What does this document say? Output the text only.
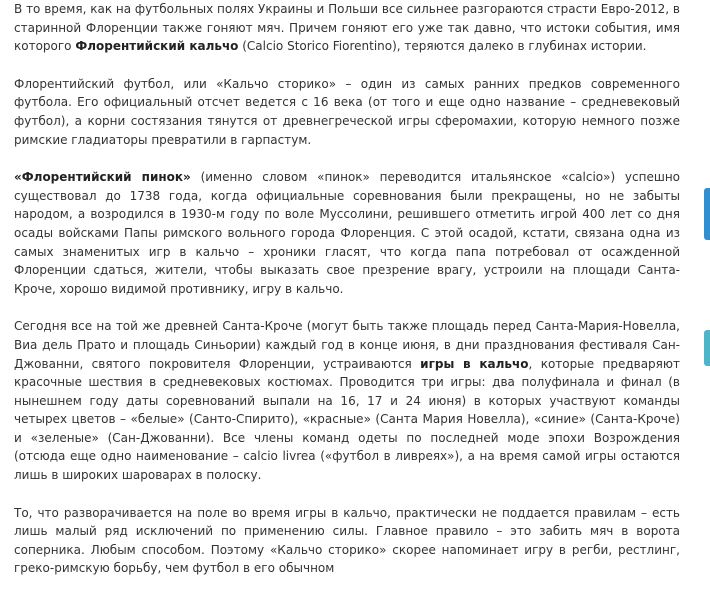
В то время, как на футбольных полях Украины и Польши все сильнее разгораются страсти Евро-2012, в старинной Флоренции также гоняют мяч. Причем гоняют его уже так давно, что истоки события, имя которого Флорентийский кальчо (Calcio Storico Fiorentino), теряются далеко в глубинах истории.

Флорентийский футбол, или «Кальчо сторико» – один из самых ранних предков современного футбола. Его официальный отсчет ведется с 16 века (от того и еще одно название – средневековый футбол), а корни состязания тянутся от древнегреческой игры сферомахии, которую немного позже римские гладиаторы превратили в гарпастум.

«Флорентийский пинок» (именно словом «пинок» переводится итальянское «calcio») успешно существовал до 1738 года, когда официальные соревнования были прекращены, но не забыты народом, а возродился в 1930-м году по воле Муссолини, решившего отметить игрой 400 лет со дня осады войсками Папы римского вольного города Флоренция. С этой осадой, кстати, связана одна из самых знаменитых игр в кальчо – хроники гласят, что когда папа потребовал от осажденной Флоренции сдаться, жители, чтобы выказать свое презрение врагу, устроили на площади Санта-Кроче, хорошо видимой противнику, игру в кальчо.

Сегодня все на той же древней Санта-Кроче (могут быть также площадь перед Санта-Мария-Новелла, Виа дель Прато и площадь Синьории) каждый год в конце июня, в дни празднования фестиваля Сан-Джованни, святого покровителя Флоренции, устраиваются игры в кальчо, которые предваряют красочные шествия в средневековых костюмах. Проводится три игры: два полуфинала и финал (в нынешнем году даты соревнований выпали на 16, 17 и 24 июня) в которых участвуют команды четырех цветов – «белые» (Санто-Спирито), «красные» (Санта Мария Новелла), «синие» (Санта-Кроче) и «зеленые» (Сан-Джованни). Все члены команд одеты по последней моде эпохи Возрождения (отсюда еще одно наименование – calcio livrea («футбол в ливреях»), а на время самой игры остаются лишь в широких шароварах в полоску.

То, что разворачивается на поле во время игры в кальчо, практически не поддается правилам – есть лишь малый ряд исключений по применению силы. Главное правило – это забить мяч в ворота соперника. Любым способом. Поэтому «Кальчо сторико» скорее напоминает игру в регби, рестлинг, греко-римскую борьбу, чем футбол в его обычном
